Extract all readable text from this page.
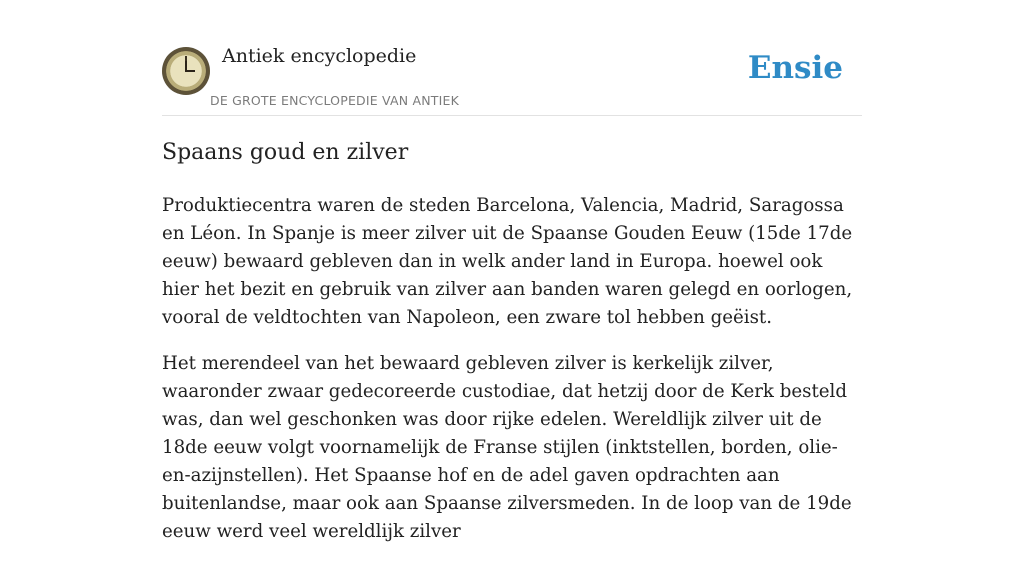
Antiek encyclopedie
DE GROTE ENCYCLOPEDIE VAN ANTIEK
Ensie
Spaans goud en zilver

Produktiecentra waren de steden Barcelona, Valencia, Madrid, Saragossa en Léon. In Spanje is meer zilver uit de Spaanse Gouden Eeuw (15de 17de eeuw) bewaard gebleven dan in welk ander land in Europa. hoewel ook hier het bezit en gebruik van zilver aan banden waren gelegd en oorlogen, vooral de veldtochten van Napoleon, een zware tol hebben geëist.

Het merendeel van het bewaard gebleven zilver is kerkelijk zilver, waaronder zwaar gedecoreerde custodiae, dat hetzij door de Kerk besteld was, dan wel geschonken was door rijke edelen. Wereldlijk zilver uit de 18de eeuw volgt voornamelijk de Franse stijlen (inktstellen, borden, olie-en-azijnstellen). Het Spaanse hof en de adel gaven opdrachten aan buitenlandse, maar ook aan Spaanse zilversmeden. In de loop van de 19de eeuw werd veel wereldlijk zilver
